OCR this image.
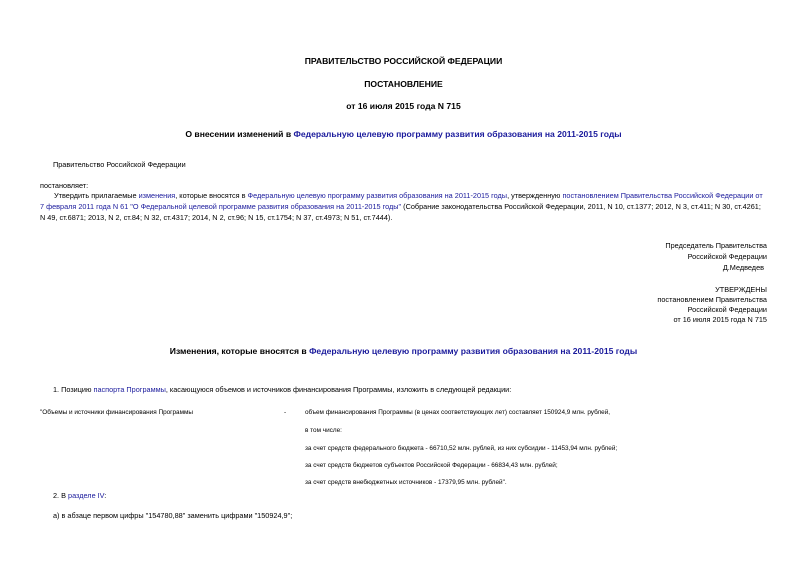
ПРАВИТЕЛЬСТВО РОССИЙСКОЙ ФЕДЕРАЦИИ
ПОСТАНОВЛЕНИЕ
от 16 июля 2015 года N 715
О внесении изменений в Федеральную целевую программу развития образования на 2011-2015 годы
Правительство Российской Федерации
постановляет:
Утвердить прилагаемые изменения, которые вносятся в Федеральную целевую программу развития образования на 2011-2015 годы, утвержденную постановлением Правительства Российской Федерации от 7 февраля 2011 года N 61 "О Федеральной целевой программе развития образования на 2011-2015 годы" (Собрание законодательства Российской Федерации, 2011, N 10, ст.1377; 2012, N 3, ст.411; N 30, ст.4261; N 49, ст.6871; 2013, N 2, ст.84; N 32, ст.4317; 2014, N 2, ст.96; N 15, ст.1754; N 37, ст.4973; N 51, ст.7444).
Председатель Правительства
Российской Федерации
Д.Медведев
УТВЕРЖДЕНЫ
постановлением Правительства
Российской Федерации
от 16 июля 2015 года N 715
Изменения, которые вносятся в Федеральную целевую программу развития образования на 2011-2015 годы
1. Позицию паспорта Программы, касающуюся объемов и источников финансирования Программы, изложить в следующей редакции:
"Объемы и источники финансирования Программы	-	объем финансирования Программы (в ценах соответствующих лет) составляет 150924,9 млн. рублей,
в том числе:
за счет средств федерального бюджета - 66710,52 млн. рублей, из них субсидии - 11453,94 млн. рублей;
за счет средств бюджетов субъектов Российской Федерации - 66834,43 млн. рублей;
за счет средств внебюджетных источников - 17379,95 млн. рублей".
2. В разделе IV:
а) в абзаце первом цифры "154780,88" заменить цифрами "150924,9";
